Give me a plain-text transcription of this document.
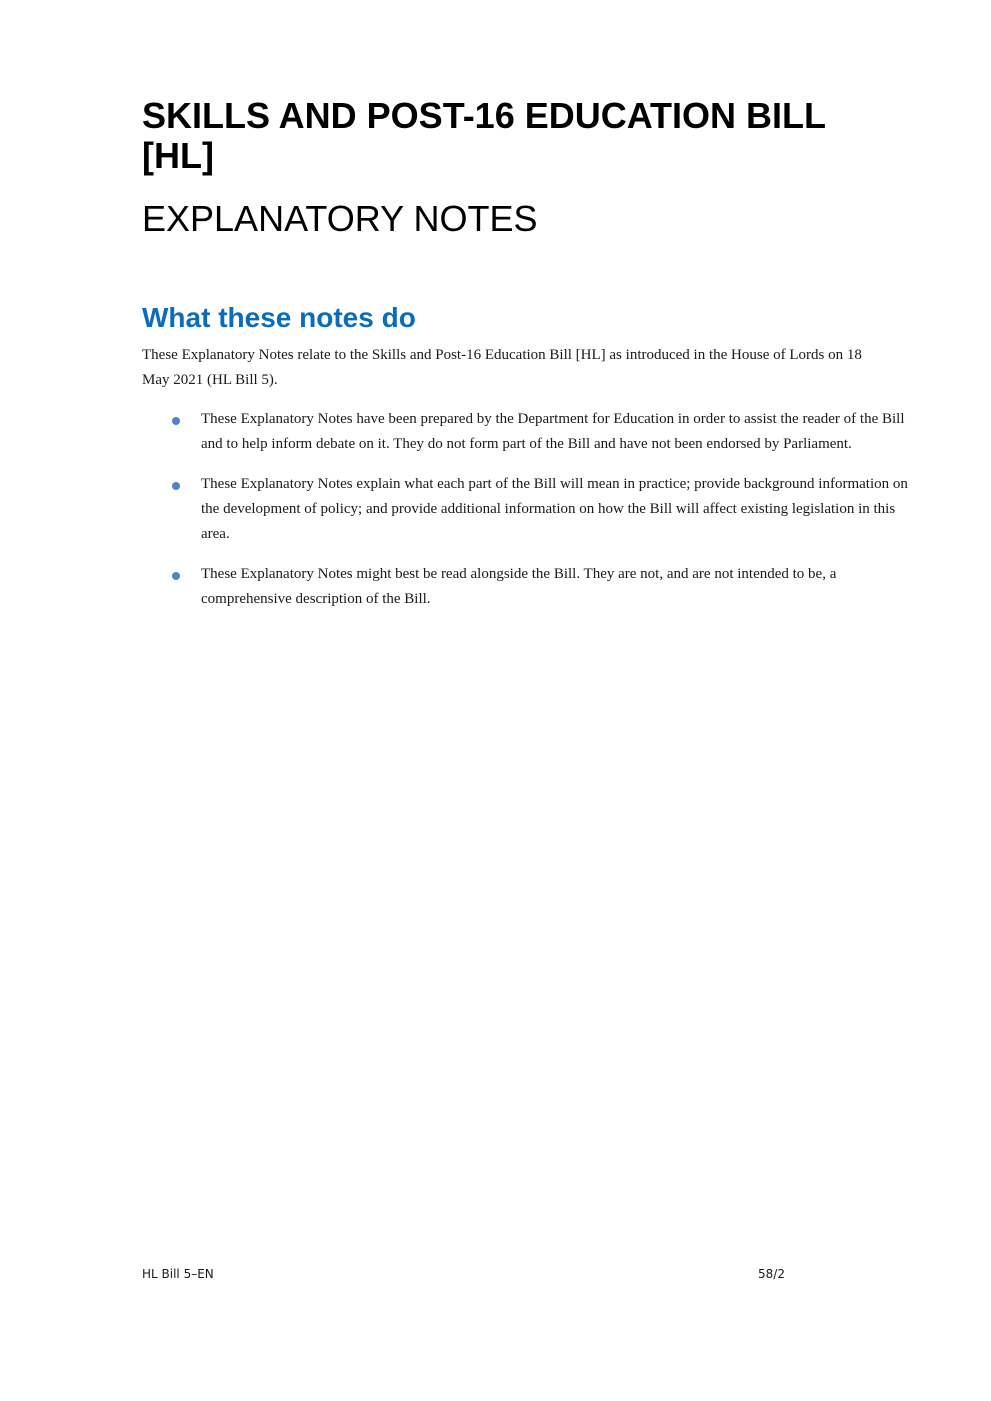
SKILLS AND POST-16 EDUCATION BILL [HL]
EXPLANATORY NOTES
What these notes do

These Explanatory Notes relate to the Skills and Post-16 Education Bill [HL] as introduced in the House of Lords on 18 May 2021 (HL Bill 5).

These Explanatory Notes have been prepared by the Department for Education in order to assist the reader of the Bill and to help inform debate on it. They do not form part of the Bill and have not been endorsed by Parliament.
These Explanatory Notes explain what each part of the Bill will mean in practice; provide background information on the development of policy; and provide additional information on how the Bill will affect existing legislation in this area.
These Explanatory Notes might best be read alongside the Bill. They are not, and are not intended to be, a comprehensive description of the Bill.
HL Bill 5–EN	58/2
